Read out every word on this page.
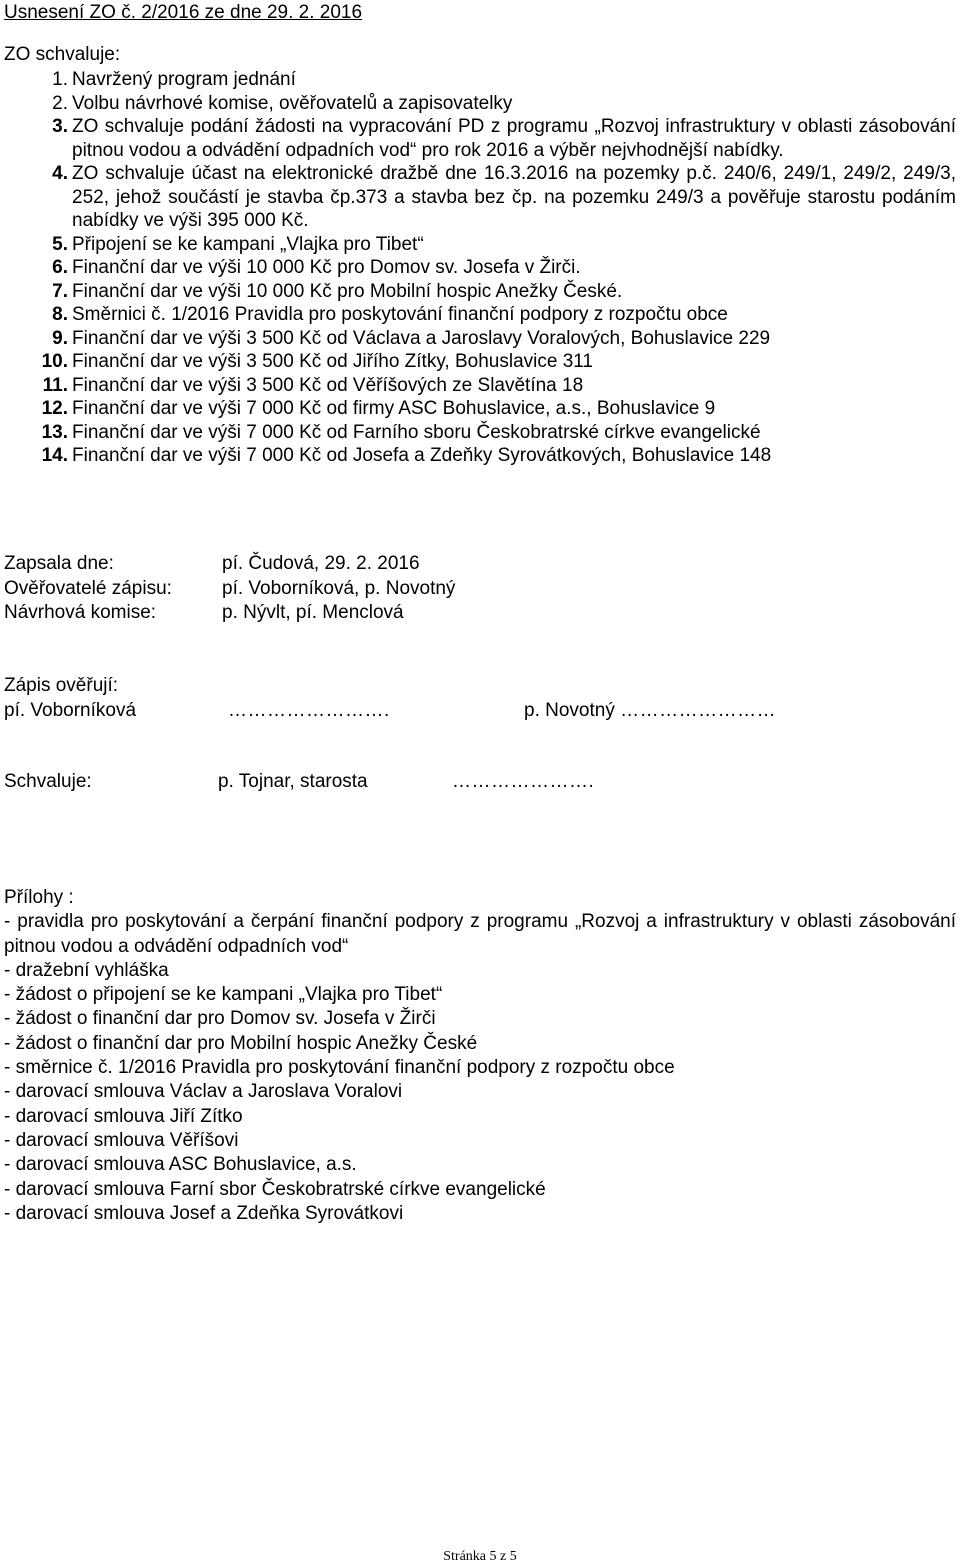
Usnesení ZO č. 2/2016 ze dne 29. 2. 2016
ZO schvaluje:
1. Navržený program jednání
2. Volbu návrhové komise, ověřovatelů a zapisovatelky
3. ZO schvaluje podání žádosti na vypracování PD z programu „Rozvoj infrastruktury v oblasti zásobování pitnou vodou a odvádění odpadních vod“ pro rok 2016 a výběr nejvhodnější nabídky.
4. ZO schvaluje účast na elektronické dražbě dne 16.3.2016 na pozemky p.č. 240/6, 249/1, 249/2, 249/3, 252, jehož součástí je stavba čp.373 a stavba bez čp. na pozemku 249/3 a pověřuje starostu podáním nabídky ve výši 395 000 Kč.
5. Připojení se ke kampani „Vlajka pro Tibet“
6. Finanční dar ve výši 10 000 Kč pro Domov sv. Josefa v Žirči.
7. Finanční dar ve výši 10 000 Kč pro Mobilní hospic Anežky České.
8. Směrnici č. 1/2016 Pravidla pro poskytování finanční podpory z rozpočtu obce
9. Finanční dar ve výši 3 500 Kč od Václava a Jaroslavy Voralových, Bohuslavice 229
10. Finanční dar ve výši 3 500 Kč od Jiřího Zítky, Bohuslavice 311
11. Finanční dar ve výši 3 500 Kč od Věříšových ze Slavětína 18
12. Finanční dar ve výši 7 000 Kč od firmy ASC Bohuslavice, a.s., Bohuslavice 9
13. Finanční dar ve výši 7 000 Kč od Farního sboru Českobratrské církve evangelické
14. Finanční dar ve výši 7 000 Kč od Josefa a Zdeňky Syrovátkových, Bohuslavice 148
Zapsala dne:	pí. Čudová, 29. 2. 2016
Ověřovatelé zápisu:	pí. Voborníková, p. Novotný
Návrhová komise:	p. Nývlt, pí. Menclová
Zápis ověřují:
pí. Voborníková	…………………….	p. Novotný ……………………
Schvaluje:	p. Tojnar, starosta	………………….
Přílohy :
- pravidla pro poskytování a čerpání finanční podpory z programu „Rozvoj a infrastruktury v oblasti zásobování pitnou vodou a odvádění odpadních vod“
- dražební vyhláška
- žádost o připojení se ke kampani „Vlajka pro Tibet“
- žádost o finanční dar pro Domov sv. Josefa v Žirči
- žádost o finanční dar pro Mobilní hospic Anežky České
- směrnice č. 1/2016 Pravidla pro poskytování finanční podpory z rozpočtu obce
- darovací smlouva Václav a Jaroslava Voralovi
- darovací smlouva Jiří Zítko
- darovací smlouva Věříšovi
- darovací smlouva ASC Bohuslavice, a.s.
- darovací smlouva Farní sbor Českobratrské církve evangelické
- darovací smlouva Josef a Zdeňka Syrovátkovi
Stránka 5 z 5
